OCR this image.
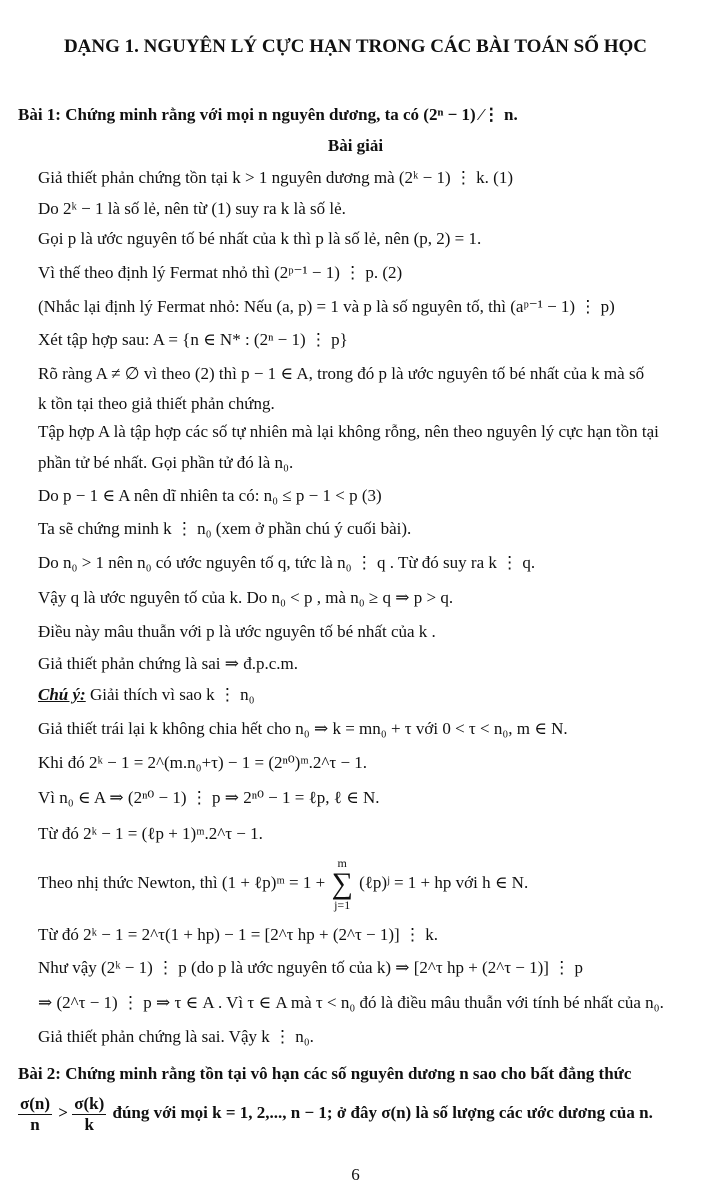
DẠNG 1. NGUYÊN LÝ CỰC HẠN TRONG CÁC BÀI TOÁN SỐ HỌC
Bài 1: Chứng minh rằng với mọi n nguyên dương, ta có (2ⁿ − 1) ⁄⋮ n.
Bài giải
Giả thiết phản chứng tồn tại k > 1 nguyên dương mà (2ᵏ − 1) ⋮ k. (1)
Do 2ᵏ − 1 là số lẻ, nên từ (1) suy ra k là số lẻ.
Gọi p là ước nguyên tố bé nhất của k thì p là số lẻ, nên (p, 2) = 1.
Vì thế theo định lý Fermat nhỏ thì (2ᵖ⁻¹ − 1) ⋮ p. (2)
(Nhắc lại định lý Fermat nhỏ: Nếu (a, p) = 1 và p là số nguyên tố, thì (aᵖ⁻¹ − 1) ⋮ p)
Xét tập hợp sau: A = {n ∈ N* : (2ⁿ − 1) ⋮ p}
Rõ ràng A ≠ ∅ vì theo (2) thì p − 1 ∈ A, trong đó p là ước nguyên tố bé nhất của k mà số
k tồn tại theo giả thiết phản chứng.
Tập hợp A là tập hợp các số tự nhiên mà lại không rỗng, nên theo nguyên lý cực hạn tồn tại
phần tử bé nhất. Gọi phần tử đó là n₀.
Do p − 1 ∈ A nên dĩ nhiên ta có: n₀ ≤ p − 1 < p (3)
Ta sẽ chứng minh k ⋮ n₀ (xem ở phần chú ý cuối bài).
Do n₀ > 1 nên n₀ có ước nguyên tố q, tức là n₀ ⋮ q . Từ đó suy ra k ⋮ q.
Vậy q là ước nguyên tố của k. Do n₀ < p , mà n₀ ≥ q ⇒ p > q.
Điều này mâu thuẫn với p là ước nguyên tố bé nhất của k .
Giả thiết phản chứng là sai ⇒ đ.p.c.m.
Chú ý: Giải thích vì sao k ⋮ n₀
Giả thiết trái lại k không chia hết cho n₀ ⇒ k = mn₀ + τ với 0 < τ < n₀, m ∈ N.
Khi đó 2ᵏ − 1 = 2^(m.n₀+τ) − 1 = (2ⁿ⁰)ᵐ.2^τ − 1.
Vì n₀ ∈ A ⇒ (2ⁿ⁰ − 1) ⋮ p ⇒ 2ⁿ⁰ − 1 = ℓp, ℓ ∈ N.
Từ đó 2ᵏ − 1 = (ℓp + 1)ᵐ.2^τ − 1.
Theo nhị thức Newton, thì (1 + ℓp)ᵐ = 1 + m
∑
j=1 (ℓp)ʲ = 1 + hp với h ∈ N.
Từ đó 2ᵏ − 1 = 2^τ(1 + hp) − 1 = [2^τ hp + (2^τ − 1)] ⋮ k.
Như vậy (2ᵏ − 1) ⋮ p (do p là ước nguyên tố của k) ⇒ [2^τ hp + (2^τ − 1)] ⋮ p
⇒ (2^τ − 1) ⋮ p ⇒ τ ∈ A . Vì τ ∈ A mà τ < n₀ đó là điều mâu thuẫn với tính bé nhất của n₀.
Giả thiết phản chứng là sai. Vậy k ⋮ n₀.
Bài 2: Chứng minh rằng tồn tại vô hạn các số nguyên dương n sao cho bất đẳng thức
$\frac{\sigma(n)}{n} > \frac{\sigma(k)}{k}$ đúng với mọi k = 1, 2,..., n − 1; ở đây σ(n) là số lượng các ước dương của n.
6
